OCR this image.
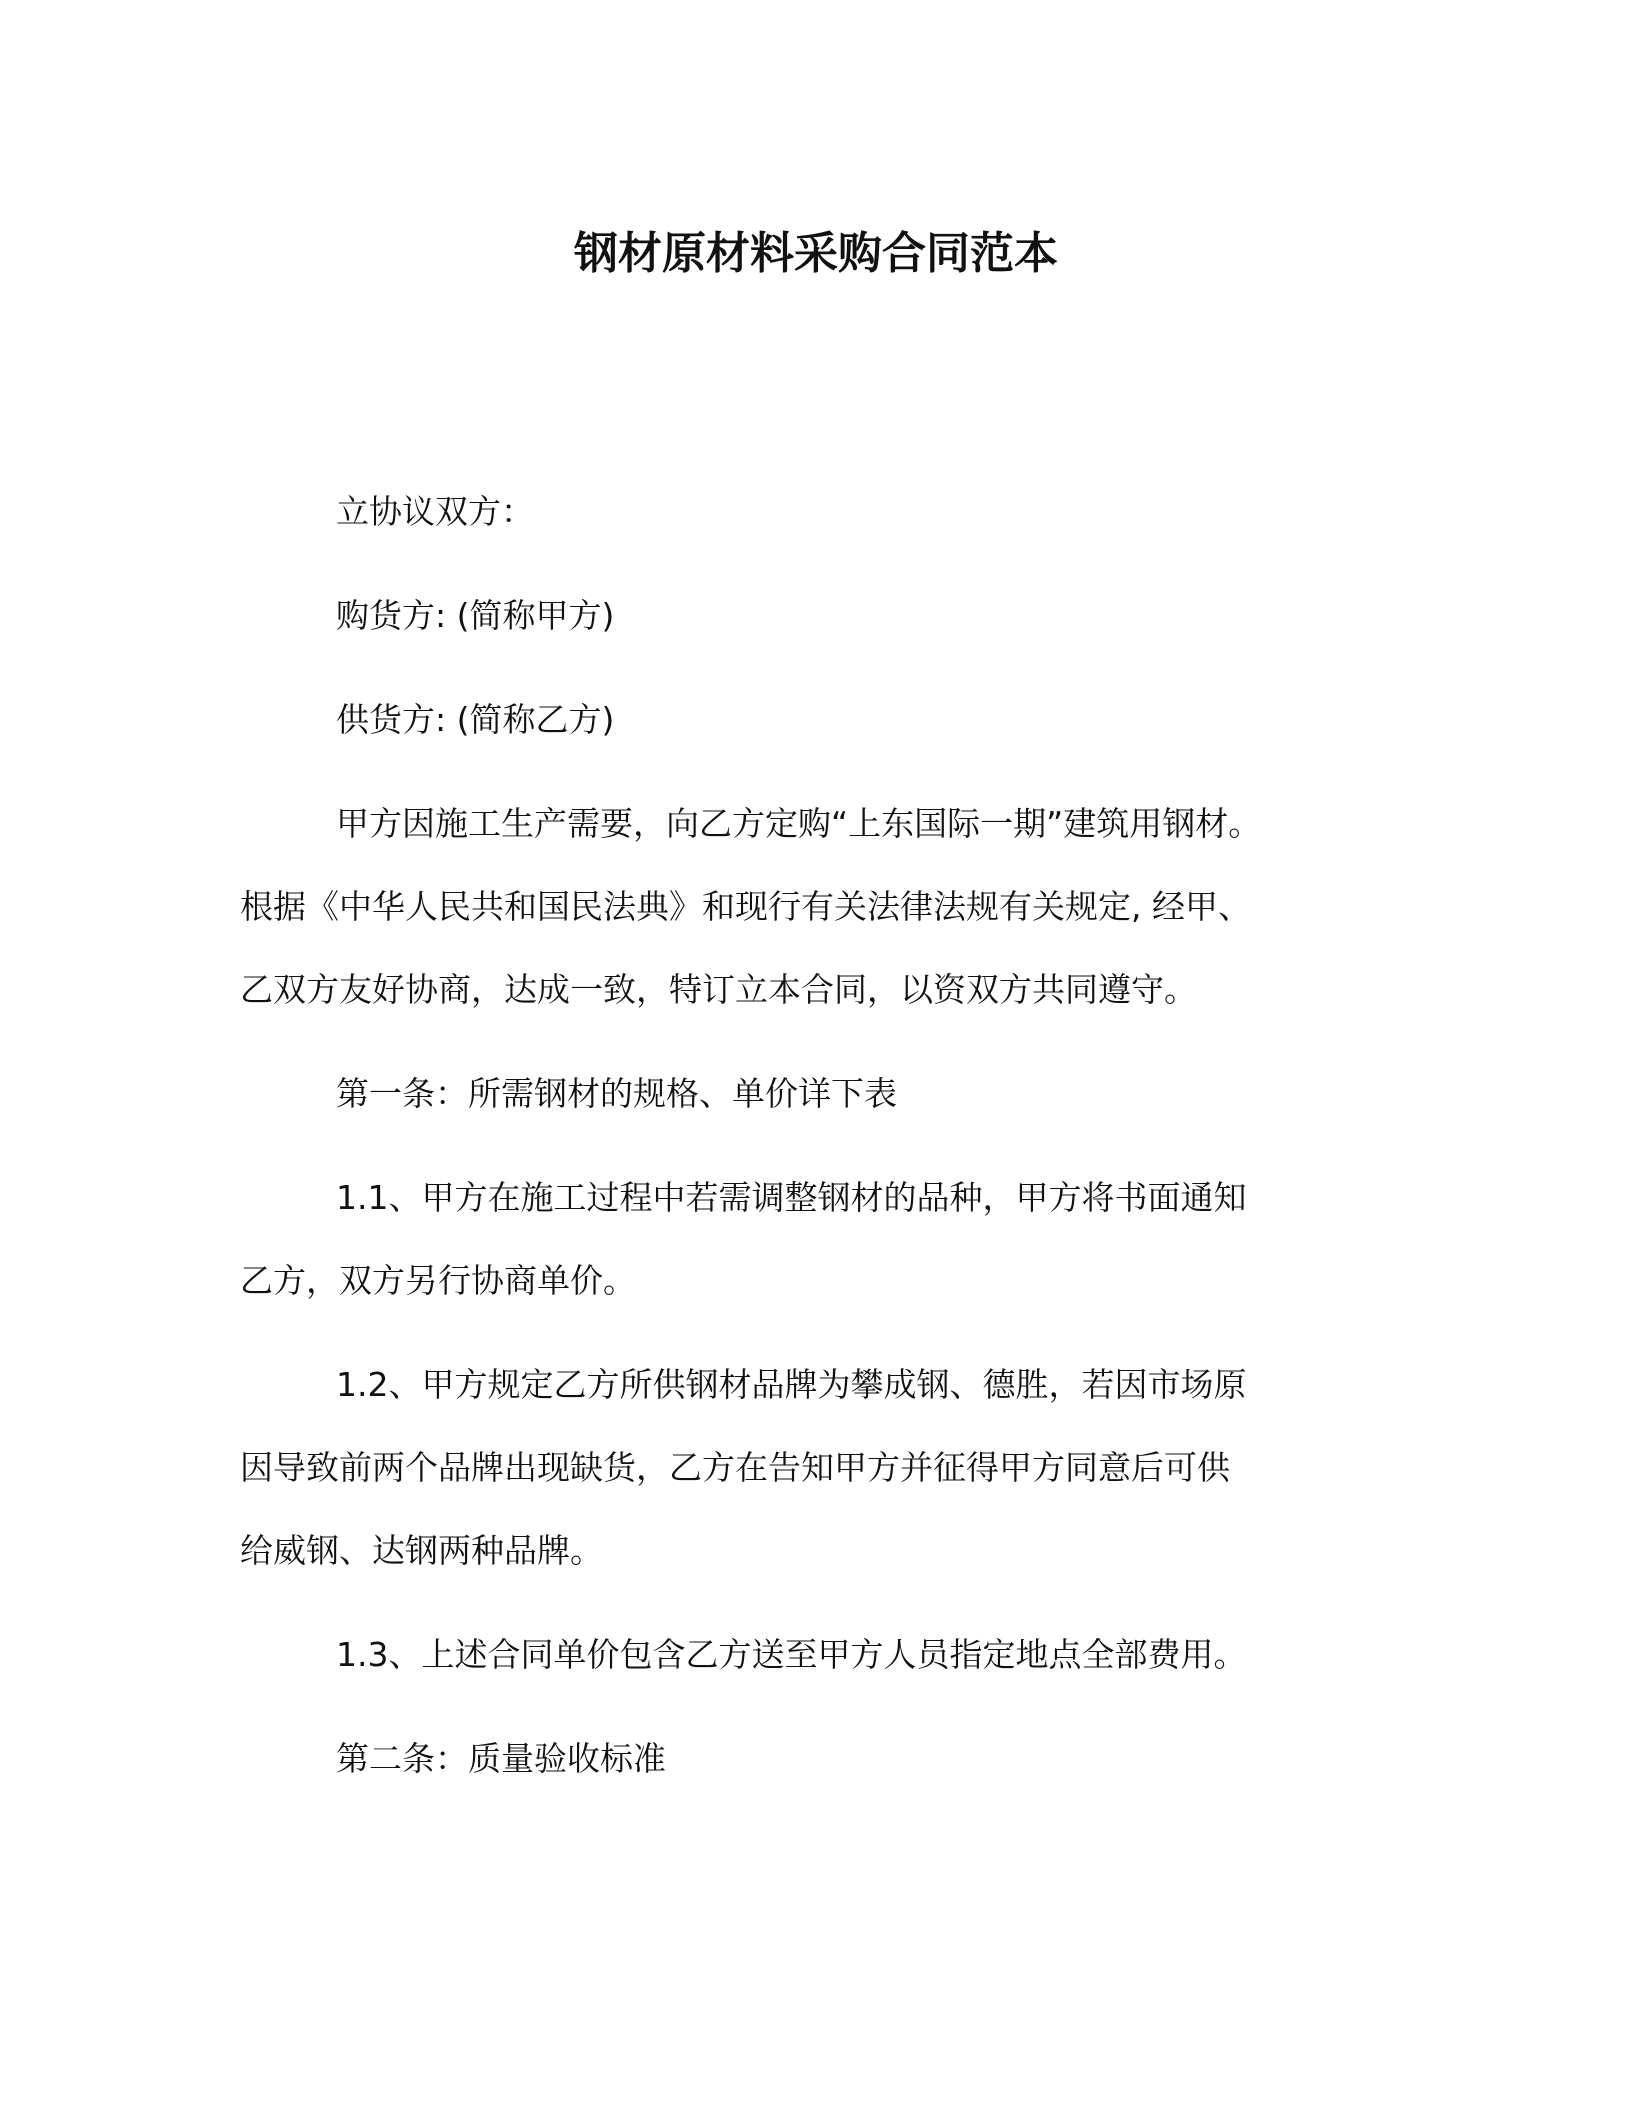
钢材原材料采购合同范本

立协议双方：

购货方: (简称甲方)

供货方: (简称乙方)

甲方因施工生产需要，向乙方定购“上东国际一期”建筑用钢材。

根据《中华人民共和国民法典》和现行有关法律法规有关规定, 经甲、

乙双方友好协商，达成一致，特订立本合同，以资双方共同遵守。

第一条：所需钢材的规格、单价详下表

1.1、甲方在施工过程中若需调整钢材的品种，甲方将书面通知

乙方，双方另行协商单价。

1.2、甲方规定乙方所供钢材品牌为攀成钢、德胜，若因市场原

因导致前两个品牌出现缺货，乙方在告知甲方并征得甲方同意后可供

给威钢、达钢两种品牌。

1.3、上述合同单价包含乙方送至甲方人员指定地点全部费用。

第二条：质量验收标准
